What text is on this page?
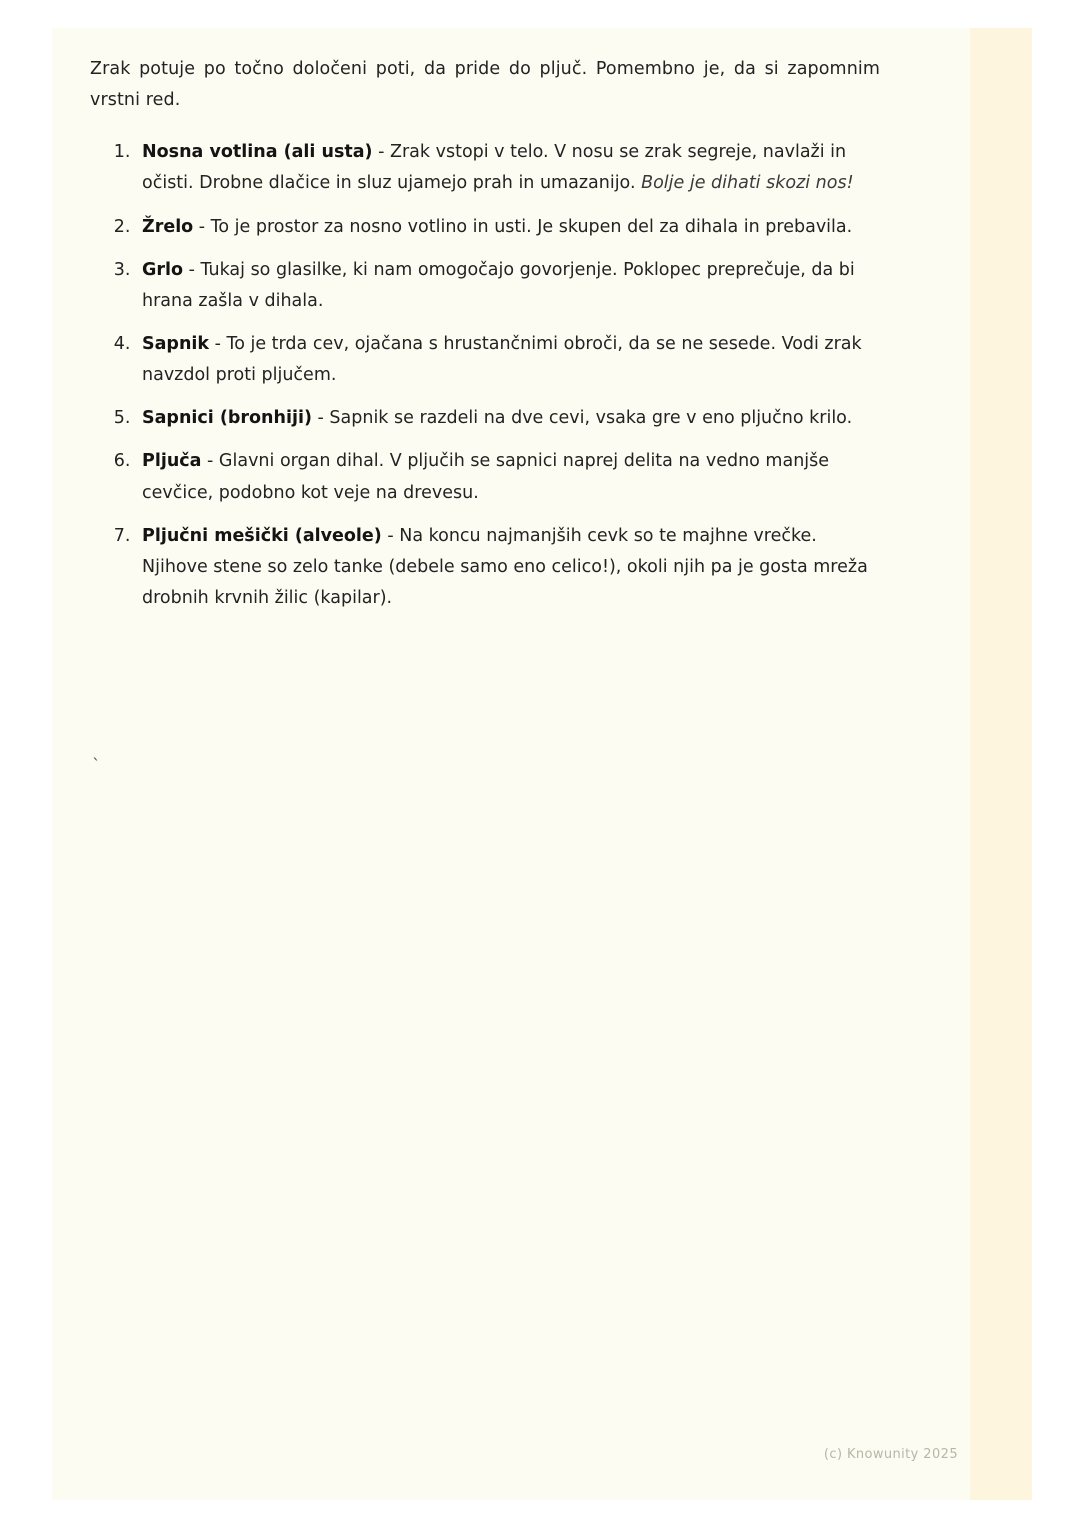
Zrak potuje po točno določeni poti, da pride do pljuč. Pomembno je, da si zapomnim vrstni red.

1. Nosna votlina (ali usta) - Zrak vstopi v telo. V nosu se zrak segreje, navlaži in očisti. Drobne dlačice in sluz ujamejo prah in umazanijo. Bolje je dihati skozi nos!
2. Žrelo - To je prostor za nosno votlino in usti. Je skupen del za dihala in prebavila.
3. Grlo - Tukaj so glasilke, ki nam omogočajo govorjenje. Poklopec preprečuje, da bi hrana zašla v dihala.
4. Sapnik - To je trda cev, ojačana s hrustančnimi obroči, da se ne sesede. Vodi zrak navzdol proti pljučem.
5. Sapnici (bronhiji) - Sapnik se razdeli na dve cevi, vsaka gre v eno pljučno krilo.
6. Pljuča - Glavni organ dihal. V pljučih se sapnici naprej delita na vedno manjše cevčice, podobno kot veje na drevesu.
7. Pljučni mešički (alveole) - Na koncu najmanjših cevk so te majhne vrečke. Njihove stene so zelo tanke (debele samo eno celico!), okoli njih pa je gosta mreža drobnih krvnih žilic (kapilar).
`
(c) Knowunity 2025
